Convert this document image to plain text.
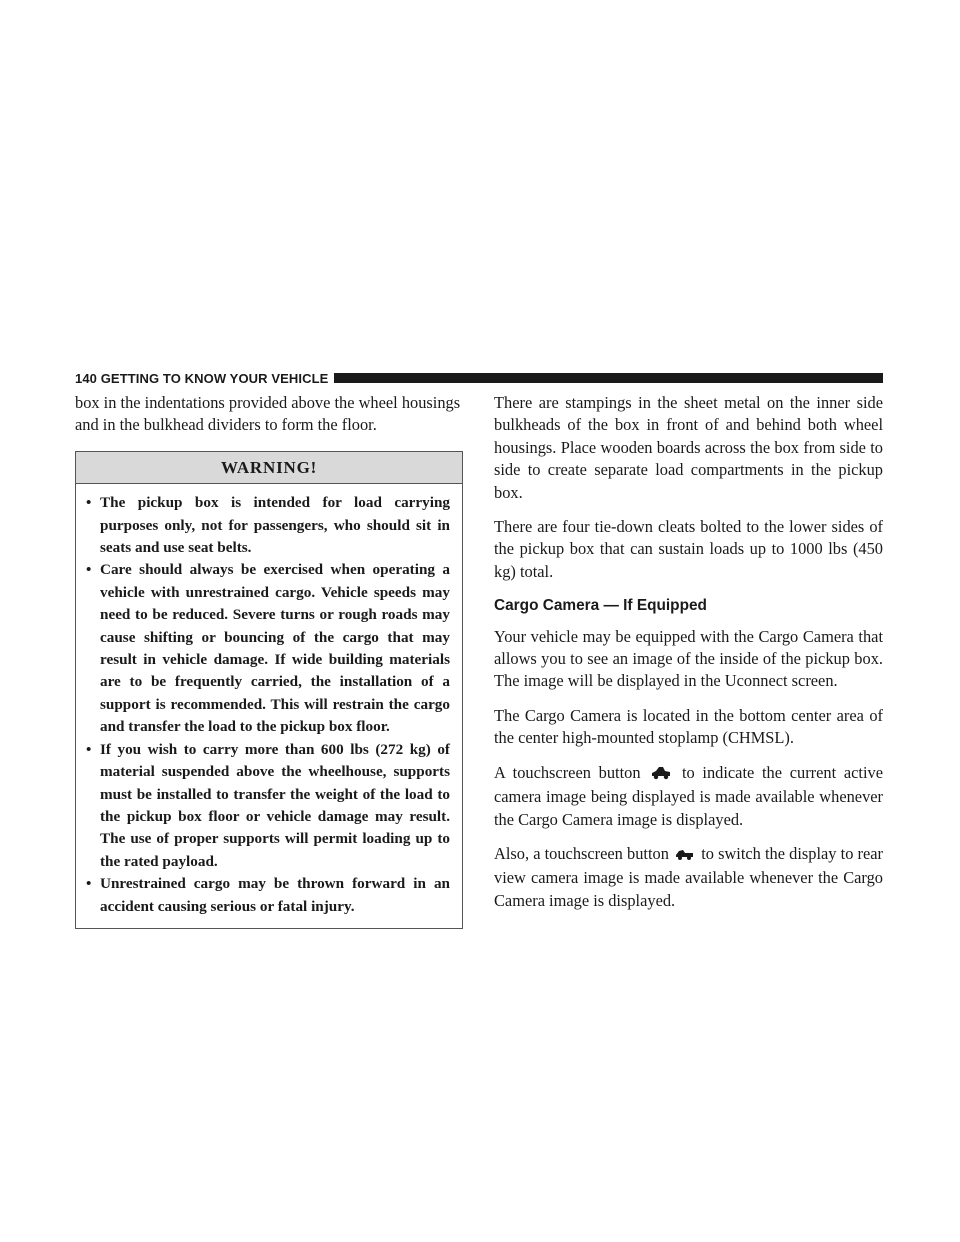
140 GETTING TO KNOW YOUR VEHICLE

box in the indentations provided above the wheel housings and in the bulkhead dividers to form the floor.

WARNING!
• The pickup box is intended for load carrying purposes only, not for passengers, who should sit in seats and use seat belts.
• Care should always be exercised when operating a vehicle with unrestrained cargo. Vehicle speeds may need to be reduced. Severe turns or rough roads may cause shifting or bouncing of the cargo that may result in vehicle damage. If wide building materials are to be frequently carried, the installation of a support is recommended. This will restrain the cargo and transfer the load to the pickup box floor.
• If you wish to carry more than 600 lbs (272 kg) of material suspended above the wheelhouse, supports must be installed to transfer the weight of the load to the pickup box floor or vehicle damage may result. The use of proper supports will permit loading up to the rated payload.
• Unrestrained cargo may be thrown forward in an accident causing serious or fatal injury.

There are stampings in the sheet metal on the inner side bulkheads of the box in front of and behind both wheel housings. Place wooden boards across the box from side to side to create separate load compartments in the pickup box.

There are four tie-down cleats bolted to the lower sides of the pickup box that can sustain loads up to 1000 lbs (450 kg) total.

Cargo Camera — If Equipped

Your vehicle may be equipped with the Cargo Camera that allows you to see an image of the inside of the pickup box. The image will be displayed in the Uconnect screen.

The Cargo Camera is located in the bottom center area of the center high-mounted stoplamp (CHMSL).

A touchscreen button	to indicate the current active camera image being displayed is made available whenever the Cargo Camera image is displayed.

Also, a touchscreen button to switch the display to rear view camera image is made available whenever the Cargo Camera image is displayed.
